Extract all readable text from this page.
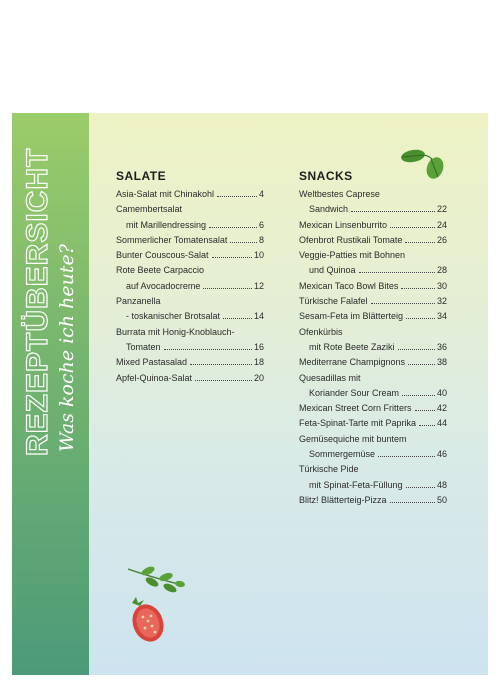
REZEPTÜBERSICHT Was koche ich heute?
SALATE
Asia-Salat mit Chinakohl	4
Camembertsalat
mit Marillendressing	6
Sommerlicher Tomatensalat	8
Bunter Couscous-Salat	10
Rote Beete Carpaccio
auf Avocadocreme	12
Panzanella
- toskanischer Brotsalat	14
Burrata mit Honig-Knoblauch-
Tomaten	16
Mixed Pastasalad	18
Apfel-Quinoa-Salat	20
SNACKS
Weltbestes Caprese
Sandwich	22
Mexican Linsenburrito	24
Ofenbrot Rustikali Tomate	26
Veggie-Patties mit Bohnen
und Quinoa	28
Mexican Taco Bowl Bites	30
Türkische Falafel	32
Sesam-Feta im Blätterteig	34
Ofenkürbis
mit Rote Beete Zaziki	36
Mediterrane Champignons	38
Quesadillas mit
Koriander Sour Cream	40
Mexican Street Corn Fritters	42
Feta-Spinat-Tarte mit Paprika 44
Gemüsequiche mit buntem
Sommergemüse	46
Türkische Pide
mit Spinat-Feta-Füllung	48
Blitz! Blätterteig-Pizza	50
